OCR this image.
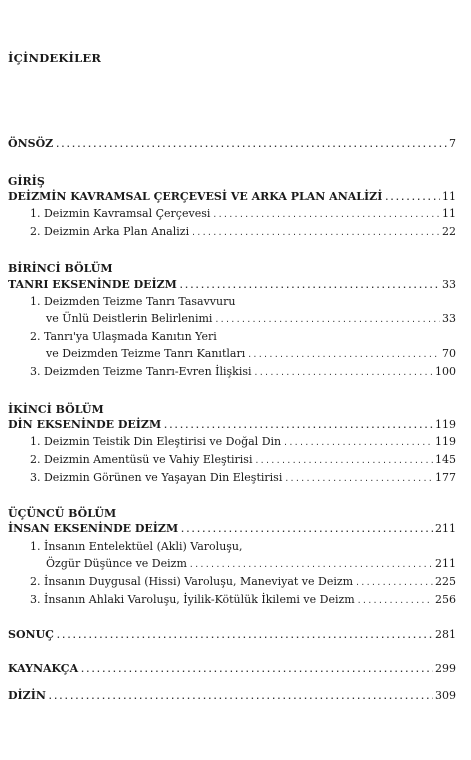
İÇİNDEKİLER
ÖNSÖZ .....	7
GİRİŞ
DEİZMİN KAVRAMSAL ÇERÇEVESİ VE ARKA PLAN ANALİZİ .....	11
1. Deizmin Kavramsal Çerçevesi .....	11
2. Deizmin Arka Plan Analizi .....	22
BİRİNCİ BÖLÜM
TANRI EKSENİNDE DEİZM .....	33
1. Deizmden Teizme Tanrı Tasavvuru
ve Ünlü Deistlerin Belirlenimi .....	33
2. Tanrı'ya Ulaşmada Kanıtın Yeri
ve Deizmden Teizme Tanrı Kanıtları .....	70
3. Deizmden Teizme Tanrı-Evren İlişkisi .....	100
İKİNCİ BÖLÜM
DİN EKSENİNDE DEİZM .....	119
1. Deizmin Teistik Din Eleştirisi ve Doğal Din .....	119
2. Deizmin Amentüsü ve Vahiy Eleştirisi .....	145
3. Deizmin Görünen ve Yaşayan Din Eleştirisi .....	177
ÜÇÜNCÜ BÖLÜM
İNSAN EKSENİNDE DEİZM .....	211
1. İnsanın Entelektüel (Akli) Varoluşu,
Özgür Düşünce ve Deizm .....	211
2. İnsanın Duygusal (Hissi) Varoluşu, Maneviyat ve Deizm .....	225
3. İnsanın Ahlaki Varoluşu, İyilik-Kötülük İkilemi ve Deizm .....	256
SONUÇ .....	281
KAYNAKÇA .....	299
DİZİN .....	309
